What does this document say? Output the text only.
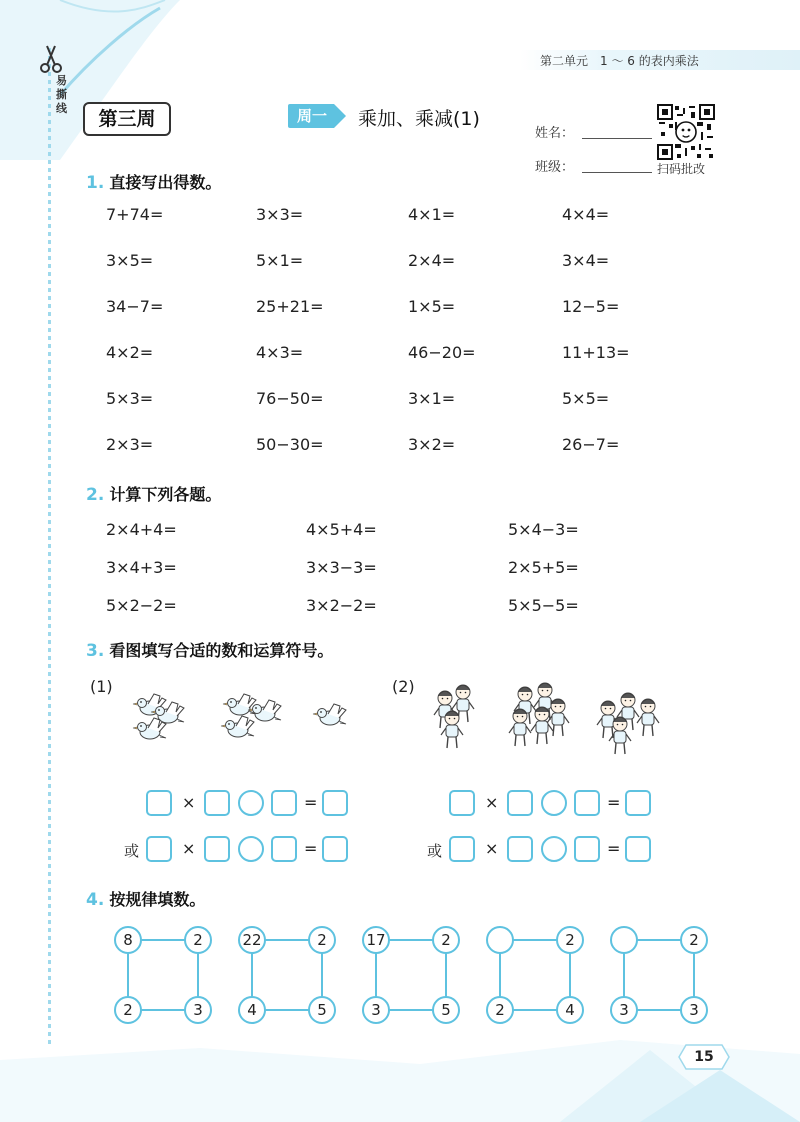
易撕线
第二单元　1 ～ 6 的表内乘法
第三周	周一	乘加、乘减(1)
姓名：
班级：	扫码批改
1. 直接写出得数。
7+74=	3×3=	4×1=	4×4=
3×5=	5×1=	2×4=	3×4=
34−7=	25+21=	1×5=	12−5=
4×2=	4×3=	46−20=	11+13=
5×3=	76−50=	3×1=	5×5=
2×3=	50−30=	3×2=	26−7=
2. 计算下列各题。
2×4+4=	4×5+4=	5×4−3=
3×4+3=	3×3−3=	2×5+5=
5×2−2=	3×2−2=	5×5−5=
3. 看图填写合适的数和运算符号。
(1)	(2)
×	=
或	×	=
×	=
或	×	=
4. 按规律填数。
8	2
2	3
22	2
4	5
17	2
3	5
2
2	4
2
3	3
15
